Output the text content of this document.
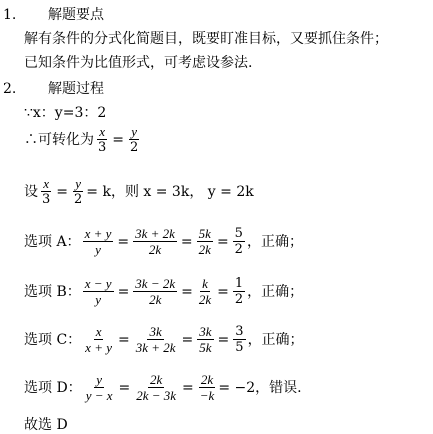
1. 解题要点
解有条件的分式化简题目，既要盯准目标，又要抓住条件；
已知条件为比值形式，可考虑设参法.
2. 解题过程
∵x：y=3：2
∴可转化为 $\frac{x}{3} = \frac{y}{2}$
设 $\frac{x}{3} = \frac{y}{2} = k$，则 x = 3k， y = 2k
选项 A： $\frac{x + y}{y} = \frac{3k + 2k}{2k} = \frac{5k}{2k} = \frac{5}{2}$ ，正确；
选项 B： $\frac{x - y}{y} = \frac{3k - 2k}{2k} = \frac{k}{2k} = \frac{1}{2}$ ，正确；
选项 C： $\frac{x}{x + y} = \frac{3k}{3k + 2k} = \frac{3k}{5k} = \frac{3}{5}$ ，正确；
选项 D： $\frac{y}{y - x} = \frac{2k}{2k - 3k} = \frac{2k}{-k} = -2$ ，错误.
故选 D
